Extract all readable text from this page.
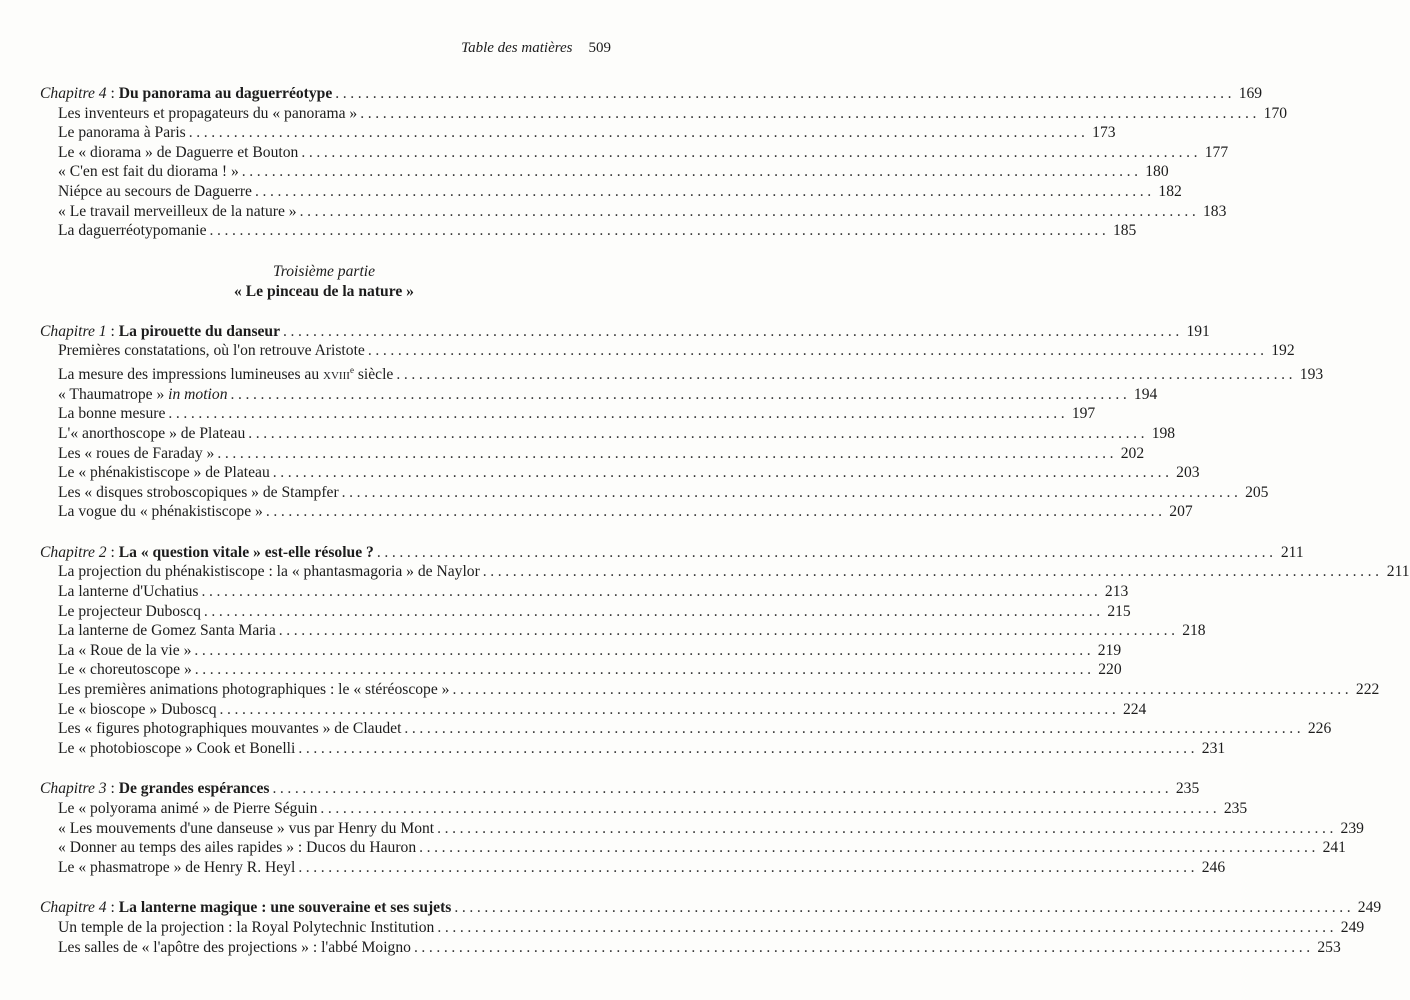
Table des matières 509
Chapitre 4 : Du panorama au daguerréotype ........................................................................................................................ 169
Les inventeurs et propagateurs du « panorama » ........................................................................................................................ 170
Le panorama à Paris ........................................................................................................................ 173
Le « diorama » de Daguerre et Bouton ........................................................................................................................ 177
« C'en est fait du diorama ! » ........................................................................................................................ 180
Niépce au secours de Daguerre ........................................................................................................................ 182
« Le travail merveilleux de la nature » ........................................................................................................................ 183
La daguerréotypomanie ........................................................................................................................ 185
Troisième partie
« Le pinceau de la nature »
Chapitre 1 : La pirouette du danseur ........................................................................................................................ 191
Premières constatations, où l'on retrouve Aristote ........................................................................................................................ 192
La mesure des impressions lumineuses au xviii$^e$ siècle ........................................................................................................................ 193
« Thaumatrope » in motion ........................................................................................................................ 194
La bonne mesure ........................................................................................................................ 197
L'« anorthoscope » de Plateau ........................................................................................................................ 198
Les « roues de Faraday » ........................................................................................................................ 202
Le « phénakistiscope » de Plateau ........................................................................................................................ 203
Les « disques stroboscopiques » de Stampfer ........................................................................................................................ 205
La vogue du « phénakistiscope » ........................................................................................................................ 207
Chapitre 2 : La « question vitale » est-elle résolue ? ........................................................................................................................ 211
La projection du phénakistiscope : la « phantasmagoria » de Naylor ........................................................................................................................ 211
La lanterne d'Uchatius ........................................................................................................................ 213
Le projecteur Duboscq ........................................................................................................................ 215
La lanterne de Gomez Santa Maria ........................................................................................................................ 218
La « Roue de la vie » ........................................................................................................................ 219
Le « choreutoscope » ........................................................................................................................ 220
Les premières animations photographiques : le « stéréoscope » ........................................................................................................................ 222
Le « bioscope » Duboscq ........................................................................................................................ 224
Les « figures photographiques mouvantes » de Claudet ........................................................................................................................ 226
Le « photobioscope » Cook et Bonelli ........................................................................................................................ 231
Chapitre 3 : De grandes espérances ........................................................................................................................ 235
Le « polyorama animé » de Pierre Séguin ........................................................................................................................ 235
« Les mouvements d'une danseuse » vus par Henry du Mont ........................................................................................................................ 239
« Donner au temps des ailes rapides » : Ducos du Hauron ........................................................................................................................ 241
Le « phasmatrope » de Henry R. Heyl ........................................................................................................................ 246
Chapitre 4 : La lanterne magique : une souveraine et ses sujets ........................................................................................................................ 249
Un temple de la projection : la Royal Polytechnic Institution ........................................................................................................................ 249
Les salles de « l'apôtre des projections » : l'abbé Moigno ........................................................................................................................ 253
